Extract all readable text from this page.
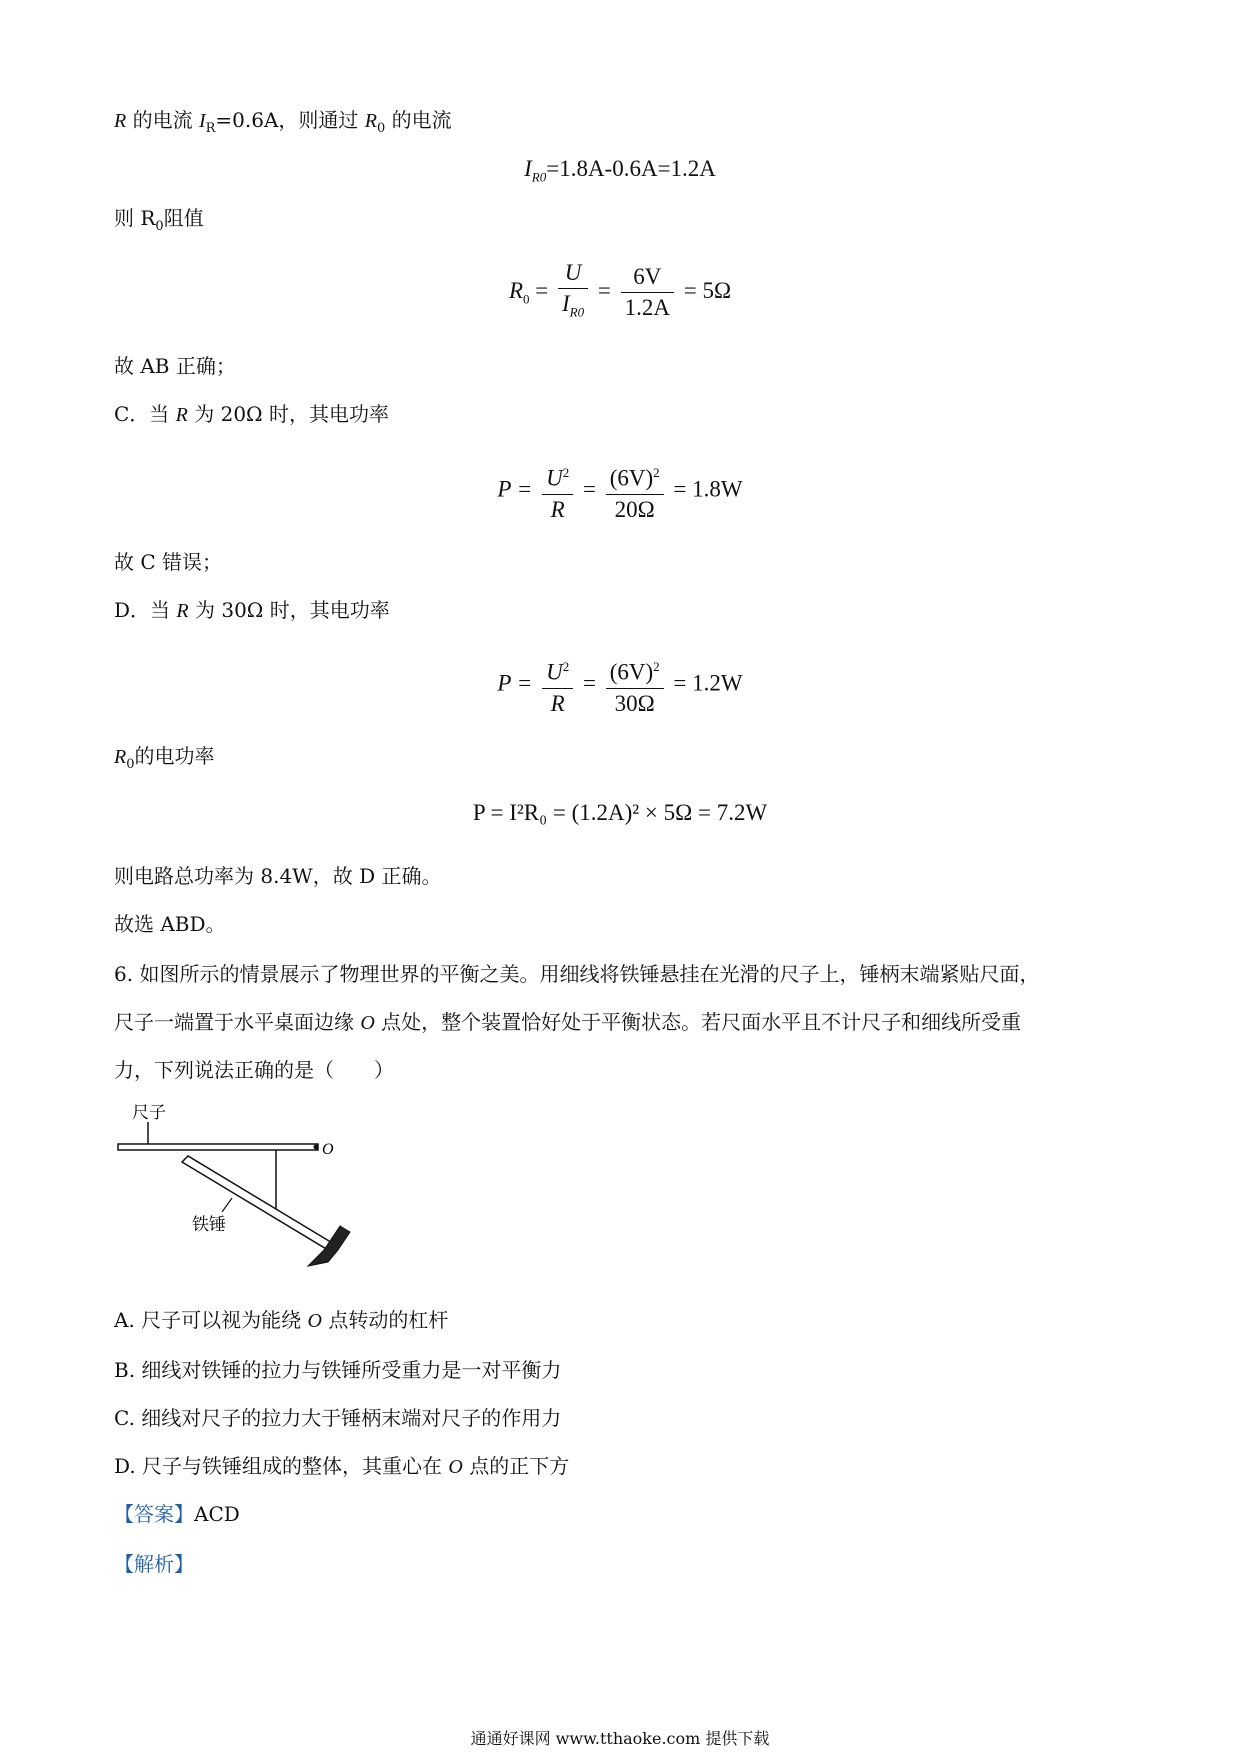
R 的电流 $I_R=0.6A$，则通过 $R_0$ 的电流
$I_{R0}=1.8A-0.6A=1.2A$
则 $R_0$阻值
$R_0 = \frac{U}{I_{R0}} = \frac{6V}{1.2A} = 5\Omega$
故 AB 正确；
C．当 R 为 20Ω 时，其电功率
$P = \frac{U^2}{R} = \frac{(6V)^2}{20\Omega} = 1.8W$
故 C 错误；
D．当 R 为 30Ω 时，其电功率
$P = \frac{U^2}{R} = \frac{(6V)^2}{30\Omega} = 1.2W$
$R_0$的电功率
P = I²R₀ = (1.2A)² × 5Ω = 7.2W
则电路总功率为 8.4W，故 D 正确。
故选 ABD。
6. 如图所示的情景展示了物理世界的平衡之美。用细线将铁锤悬挂在光滑的尺子上，锤柄末端紧贴尺面，
尺子一端置于水平桌面边缘 O 点处，整个装置恰好处于平衡状态。若尺面水平且不计尺子和细线所受重
力，下列说法正确的是（　　）
尺子
O
铁锤
A. 尺子可以视为能绕 O 点转动的杠杆
B. 细线对铁锤的拉力与铁锤所受重力是一对平衡力
C. 细线对尺子的拉力大于锤柄末端对尺子的作用力
D. 尺子与铁锤组成的整体，其重心在 O 点的正下方
【答案】ACD
【解析】
通通好课网 www.tthaoke.com 提供下载
